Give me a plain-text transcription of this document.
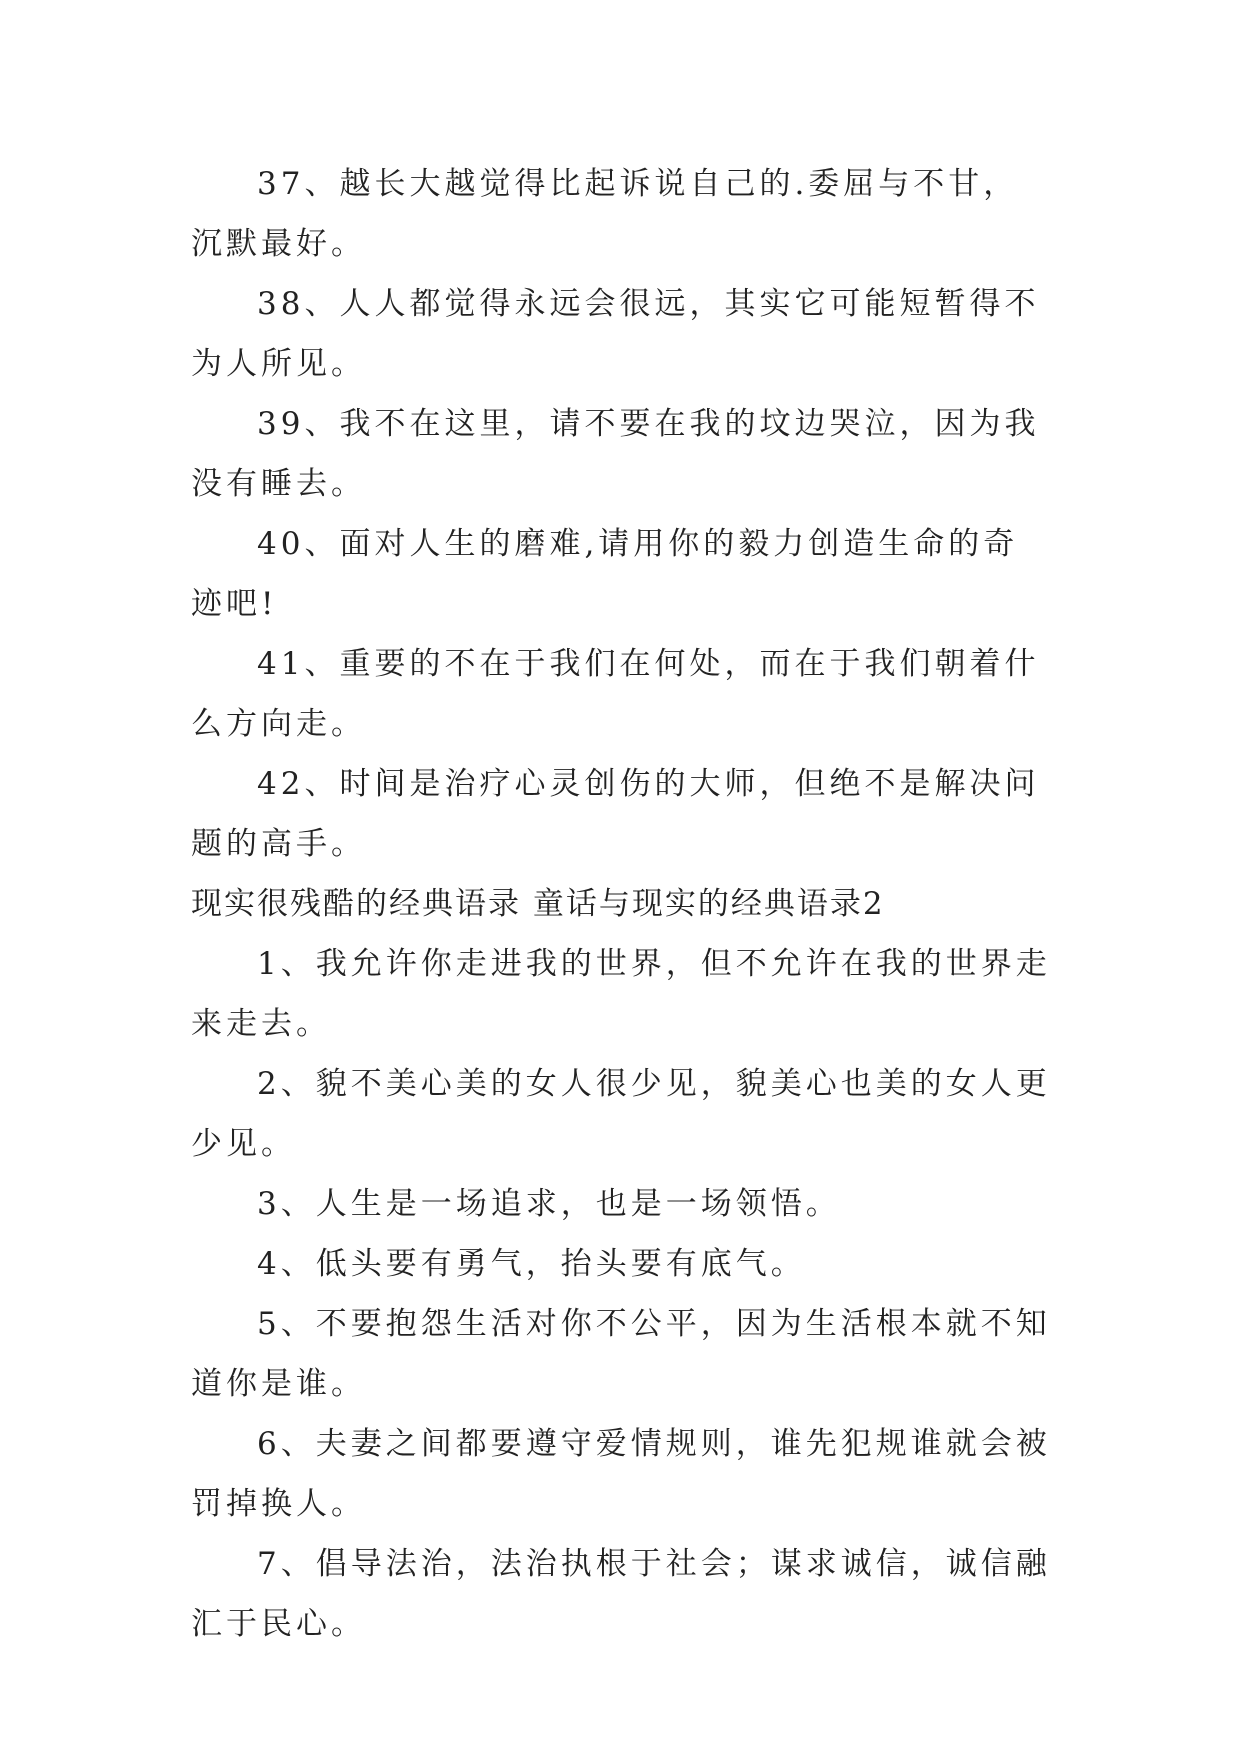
37、越长大越觉得比起诉说自己的.委屈与不甘，沉默最好。

38、人人都觉得永远会很远，其实它可能短暂得不为人所见。

39、我不在这里，请不要在我的坟边哭泣，因为我没有睡去。

40、面对人生的磨难,请用你的毅力创造生命的奇迹吧!

41、重要的不在于我们在何处，而在于我们朝着什么方向走。

42、时间是治疗心灵创伤的大师，但绝不是解决问题的高手。

现实很残酷的经典语录 童话与现实的经典语录2

1、我允许你走进我的世界，但不允许在我的世界走来走去。

2、貌不美心美的女人很少见，貌美心也美的女人更少见。

3、人生是一场追求，也是一场领悟。

4、低头要有勇气，抬头要有底气。

5、不要抱怨生活对你不公平，因为生活根本就不知道你是谁。

6、夫妻之间都要遵守爱情规则，谁先犯规谁就会被罚掉换人。

7、倡导法治，法治执根于社会；谋求诚信，诚信融汇于民心。
